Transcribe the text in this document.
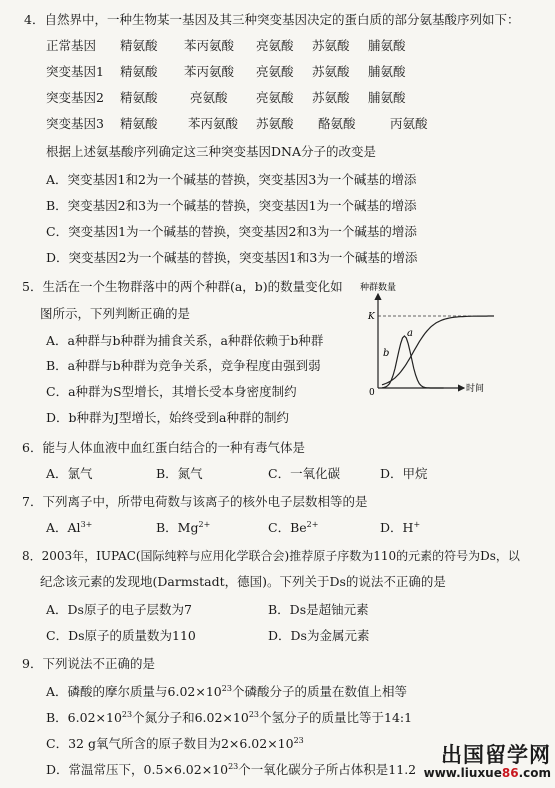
4．自然界中，一种生物某一基因及其三种突变基因决定的蛋白质的部分氨基酸序列如下：
正常基因 精氨酸 苯丙氨酸 亮氨酸 苏氨酸 脯氨酸
突变基因1 精氨酸 苯丙氨酸 亮氨酸 苏氨酸 脯氨酸
突变基因2 精氨酸	亮氨酸 亮氨酸 苏氨酸 脯氨酸
突变基因3 精氨酸 苯丙氨酸 苏氨酸 酪氨酸	丙氨酸
根据上述氨基酸序列确定这三种突变基因DNA分子的改变是
A．突变基因1和2为一个碱基的替换，突变基因3为一个碱基的增添
B．突变基因2和3为一个碱基的替换，突变基因1为一个碱基的增添
C．突变基因1为一个碱基的替换，突变基因2和3为一个碱基的增添
D．突变基因2为一个碱基的替换，突变基因1和3为一个碱基的增添
5．生活在一个生物群落中的两个种群(a，b)的数量变化如
图所示，下列判断正确的是
A．a种群与b种群为捕食关系，a种群依赖于b种群
B．a种群与b种群为竞争关系，竞争程度由强到弱
C．a种群为S型增长，其增长受本身密度制约
D．b种群为J型增长，始终受到a种群的制约
种群数量
K
0	时间
a
b
6．能与人体血液中血红蛋白结合的一种有毒气体是
A．氯气	B．氮气	C．一氧化碳	D．甲烷
7．下列离子中，所带电荷数与该离子的核外电子层数相等的是
A．$Al^{3+}$	B．$Mg^{2+}$	C．$Be^{2+}$	D．H+
8．2003年，IUPAC(国际纯粹与应用化学联合会)推荐原子序数为110的元素的符号为Ds，以
纪念该元素的发现地(Darmstadt，德国)。下列关于Ds的说法不正确的是
A．Ds原子的电子层数为7	B．Ds是超铀元素
C．Ds原子的质量数为110	D．Ds为金属元素
9．下列说法不正确的是
A．磷酸的摩尔质量与$6.02\times 10^{23}$个磷酸分子的质量在数值上相等
B．$6.02\times 10^{23}$个氮分子和$6.02\times 10^{23}$个氢分子的质量比等于14:1
C．32 g氧气所含的原子数目为$2\times 6.02\times 10^{23}$
D．常温常压下，$0.5\times 6.02\times 10^{23}$个一氧化碳分子所占体积是11.2
出国留学网
www.liuxue86.com
